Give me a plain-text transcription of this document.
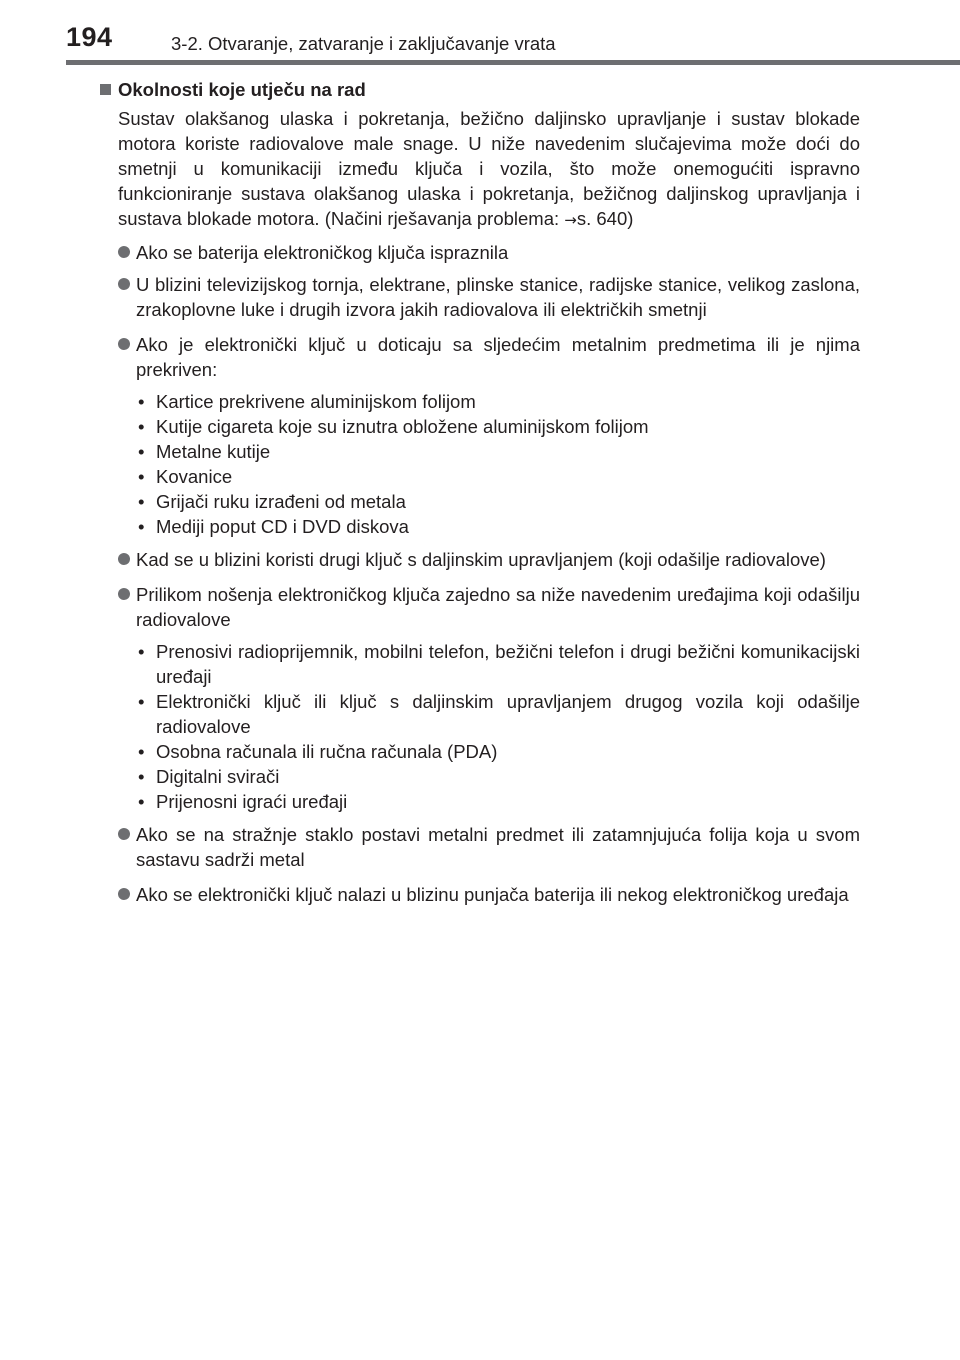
194	3-2. Otvaranje, zatvaranje i zaključavanje vrata
Okolnosti koje utječu na rad

Sustav olakšanog ulaska i pokretanja, bežično daljinsko upravljanje i sustav blokade motora koriste radiovalove male snage. U niže navedenim slučajevima može doći do smetnji u komunikaciji između ključa i vozila, što može onemogućiti ispravno funkcioniranje sustava olakšanog ulaska i pokretanja, bežičnog daljinskog upravljanja i sustava blokade motora. (Načini rješavanja problema: →s. 640)

Ako se baterija elektroničkog ključa ispraznila

U blizini televizijskog tornja, elektrane, plinske stanice, radijske stanice, velikog zaslona, zrakoplovne luke i drugih izvora jakih radiovalova ili električkih smetnji

Ako je elektronički ključ u doticaju sa sljedećim metalnim predmetima ili je njima prekriven:

• Kartice prekrivene aluminijskom folijom
• Kutije cigareta koje su iznutra obložene aluminijskom folijom
• Metalne kutije
• Kovanice
• Grijači ruku izrađeni od metala
• Mediji poput CD i DVD diskova

Kad se u blizini koristi drugi ključ s daljinskim upravljanjem (koji odašilje radiovalove)

Prilikom nošenja elektroničkog ključa zajedno sa niže navedenim uređajima koji odašilju radiovalove

• Prenosivi radioprijemnik, mobilni telefon, bežični telefon i drugi bežični komunikacijski uređaji
• Elektronički ključ ili ključ s daljinskim upravljanjem drugog vozila koji odašilje radiovalove
• Osobna računala ili ručna računala (PDA)
• Digitalni svirači
• Prijenosni igraći uređaji

Ako se na stražnje staklo postavi metalni predmet ili zatamnjujuća folija koja u svom sastavu sadrži metal

Ako se elektronički ključ nalazi u blizinu punjača baterija ili nekog elektroničkog uređaja
